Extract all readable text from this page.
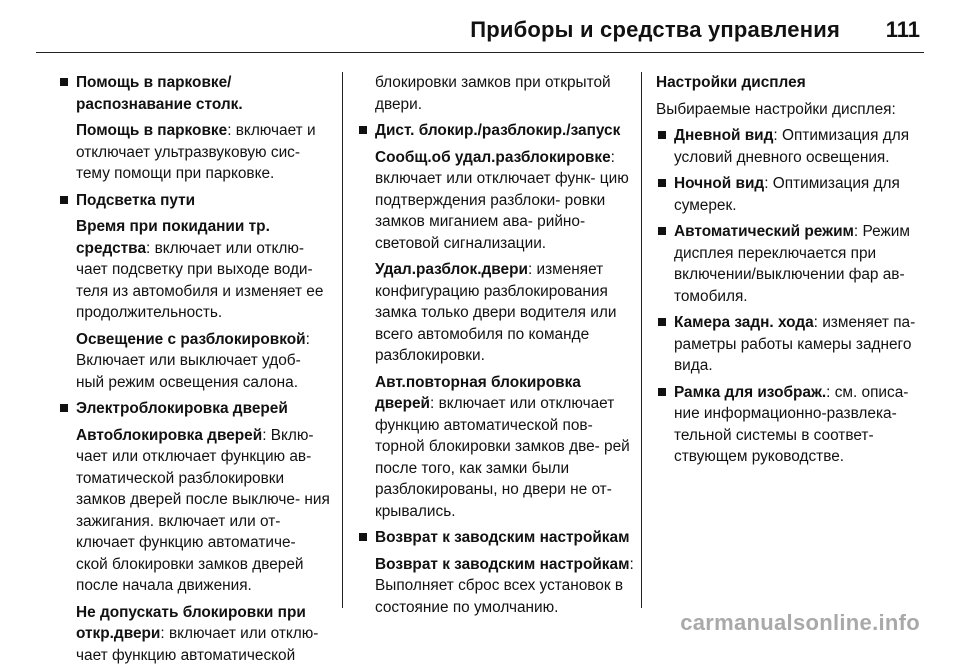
Приборы и средства управления 111
Помощь в парковке/ распознавание столк.
Помощь в парковке: включает и отключает ультразвуковую сис- тему помощи при парковке.
Подсветка пути
Время при покидании тр. средства: включает или отклю- чает подсветку при выходе води- теля из автомобиля и изменяет ее продолжительность.
Освещение с разблокировкой: Включает или выключает удоб- ный режим освещения салона.
Электроблокировка дверей
Автоблокировка дверей: Вклю- чает или отключает функцию ав- томатической разблокировки замков дверей после выключе- ния зажигания. включает или от- ключает функцию автоматиче- ской блокировки замков дверей после начала движения.
Не допускать блокировки при откр.двери: включает или отклю- чает функцию автоматической
блокировки замков при открытой двери.
Дист. блокир./разблокир./запуск
Сообщ.об удал.разблокировке: включает или отключает функ- цию подтверждения разблоки- ровки замков миганием ава- рийно-световой сигнализации.
Удал.разблок.двери: изменяет конфигурацию разблокирования замка только двери водителя или всего автомобиля по команде разблокировки.
Авт.повторная блокировка дверей: включает или отключает функцию автоматической пов- торной блокировки замков две- рей после того, как замки были разблокированы, но двери не от- крывались.
Возврат к заводским настройкам
Возврат к заводским настройкам: Выполняет сброс всех установок в состояние по умолчанию.
Настройки дисплея
Выбираемые настройки дисплея:
Дневной вид: Оптимизация для условий дневного освещения.
Ночной вид: Оптимизация для сумерек.
Автоматический режим: Режим дисплея переключается при включении/выключении фар ав- томобиля.
Камера задн. хода: изменяет па- раметры работы камеры заднего вида.
Рамка для изображ.: см. описа- ние информационно-развлека- тельной системы в соответ- ствующем руководстве.
carmanualsonline.info
